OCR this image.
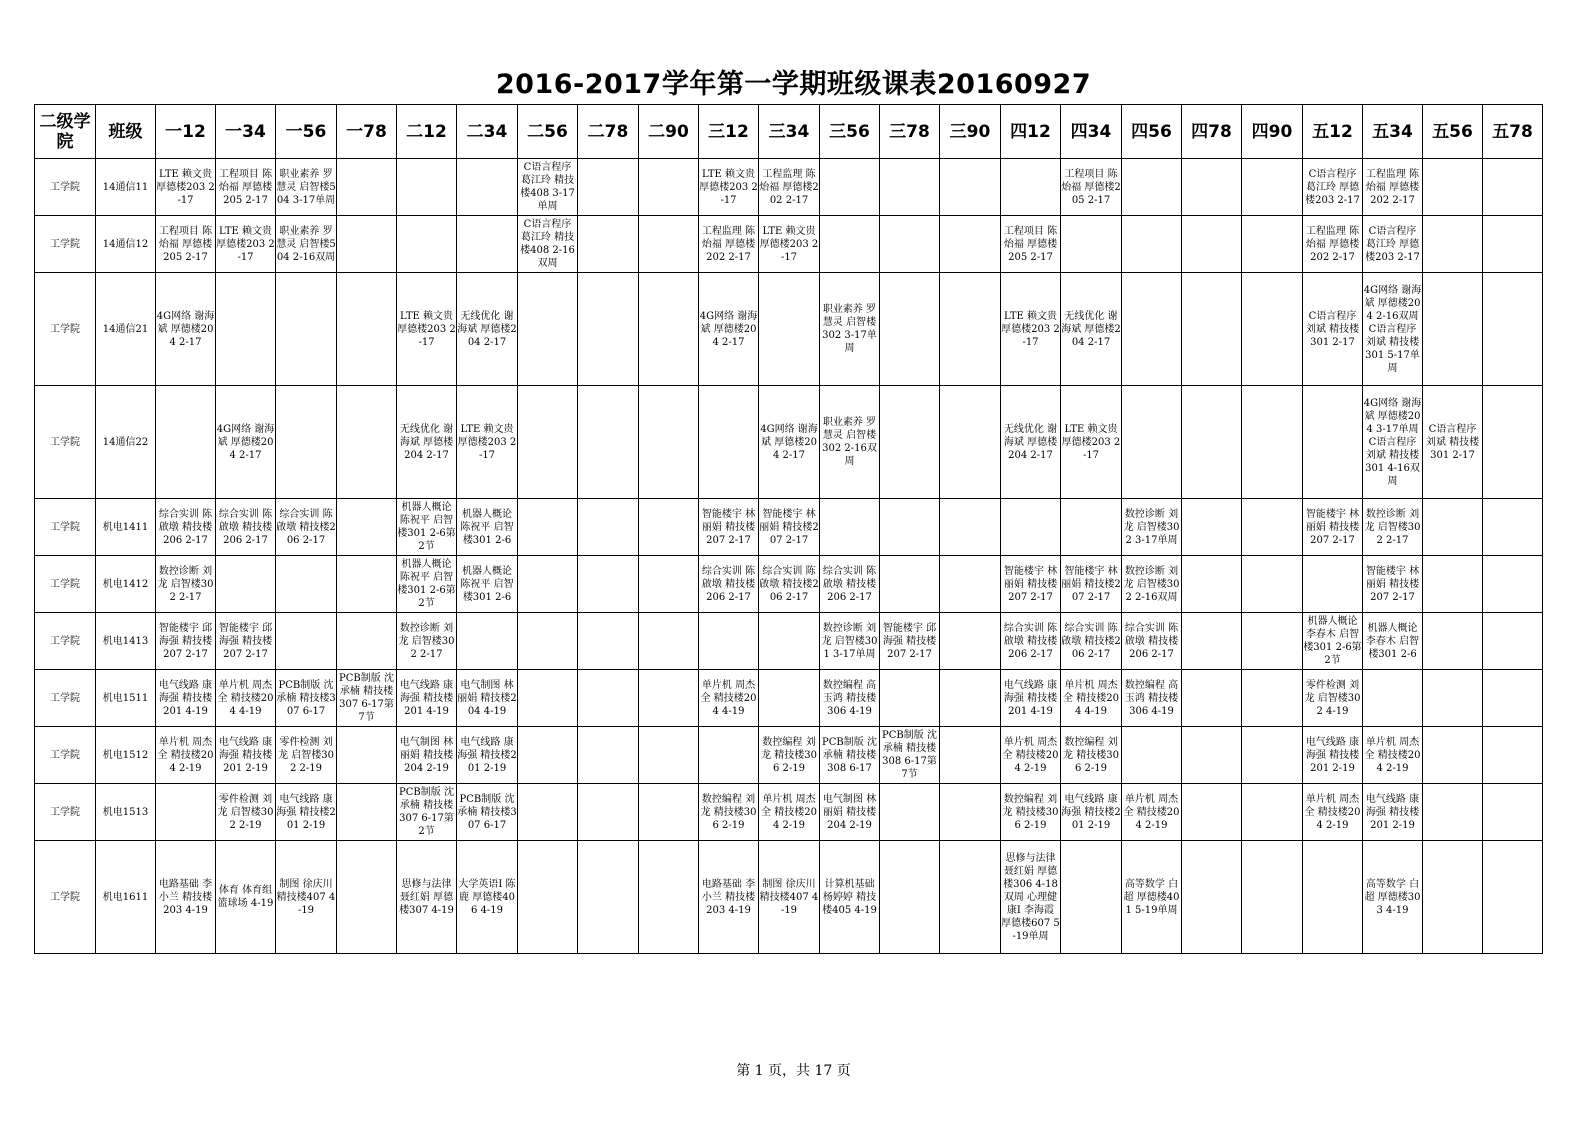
2016-2017学年第一学期班级课表20160927
二级学院	班级	一12	一34	一56	一78	二12	二34	二56	二78	二90	三12	三34	三56	三78	三90	四12	四34	四56	四78	四90	五12	五34	五56	五78
工学院	14通信11	LTE 赖文贵 厚德楼203 2-17	工程项目 陈炲福 厚德楼205 2-17	职业素养 罗慧灵 启智楼504 3-17单周				C语言程序 葛江玲 精技楼408 3-17单周			LTE 赖文贵 厚德楼203 2-17	工程监理 陈炲福 厚德楼202 2-17					工程项目 陈炲福 厚德楼205 2-17				C语言程序 葛江玲 厚德楼203 2-17	工程监理 陈炲福 厚德楼202 2-17		
工学院	14通信12	工程项目 陈炲福 厚德楼205 2-17	LTE 赖文贵 厚德楼203 2-17	职业素养 罗慧灵 启智楼504 2-16双周				C语言程序 葛江玲 精技楼408 2-16双周			工程监理 陈炲福 厚德楼202 2-17	LTE 赖文贵 厚德楼203 2-17				工程项目 陈炲福 厚德楼205 2-17					工程监理 陈炲福 厚德楼202 2-17	C语言程序 葛江玲 厚德楼203 2-17		
工学院	14通信21	4G网络 谢海斌 厚德楼204 2-17				LTE 赖文贵 厚德楼203 2-17	无线优化 谢海斌 厚德楼204 2-17				4G网络 谢海斌 厚德楼204 2-17		职业素养 罗慧灵 启智楼302 3-17单周			LTE 赖文贵 厚德楼203 2-17	无线优化 谢海斌 厚德楼204 2-17				C语言程序 刘斌 精技楼301 2-17	4G网络 谢海斌 厚德楼204 2-16双周 C语言程序 刘斌 精技楼301 5-17单周		
工学院	14通信22		4G网络 谢海斌 厚德楼204 2-17			无线优化 谢海斌 厚德楼204 2-17	LTE 赖文贵 厚德楼203 2-17					4G网络 谢海斌 厚德楼204 2-17	职业素养 罗慧灵 启智楼302 2-16双周			无线优化 谢海斌 厚德楼204 2-17	LTE 赖文贵 厚德楼203 2-17					4G网络 谢海斌 厚德楼204 3-17单周 C语言程序 刘斌 精技楼301 4-16双周	C语言程序 刘斌 精技楼301 2-17	
工学院	机电1411	综合实训 陈啟墩 精技楼206 2-17	综合实训 陈啟墩 精技楼206 2-17	综合实训 陈啟墩 精技楼206 2-17		机器人概论 陈祝平 启智楼301 2-6第2节	机器人概论 陈祝平 启智楼301 2-6				智能楼宇 林丽娟 精技楼207 2-17	智能楼宇 林丽娟 精技楼207 2-17						数控诊断 刘龙 启智楼302 3-17单周			智能楼宇 林丽娟 精技楼207 2-17	数控诊断 刘龙 启智楼302 2-17		
工学院	机电1412	数控诊断 刘龙 启智楼302 2-17				机器人概论 陈祝平 启智楼301 2-6第2节	机器人概论 陈祝平 启智楼301 2-6				综合实训 陈啟墩 精技楼206 2-17	综合实训 陈啟墩 精技楼206 2-17	综合实训 陈啟墩 精技楼206 2-17			智能楼宇 林丽娟 精技楼207 2-17	智能楼宇 林丽娟 精技楼207 2-17	数控诊断 刘龙 启智楼302 2-16双周				智能楼宇 林丽娟 精技楼207 2-17		
工学院	机电1413	智能楼宇 邱海强 精技楼207 2-17	智能楼宇 邱海强 精技楼207 2-17			数控诊断 刘龙 启智楼302 2-17							数控诊断 刘龙 启智楼301 3-17单周	智能楼宇 邱海强 精技楼207 2-17		综合实训 陈啟墩 精技楼206 2-17	综合实训 陈啟墩 精技楼206 2-17	综合实训 陈啟墩 精技楼206 2-17			机器人概论 李春木 启智楼301 2-6第2节	机器人概论 李春木 启智楼301 2-6		
工学院	机电1511	电气线路 康海强 精技楼201 4-19	单片机 周杰全 精技楼204 4-19	PCB制版 沈承楠 精技楼307 6-17	PCB制版 沈承楠 精技楼307 6-17第7节	电气线路 康海强 精技楼201 4-19	电气制图 林丽娟 精技楼204 4-19				单片机 周杰全 精技楼204 4-19		数控编程 高玉鸿 精技楼306 4-19			电气线路 康海强 精技楼201 4-19	单片机 周杰全 精技楼204 4-19	数控编程 高玉鸿 精技楼306 4-19			零件检测 刘龙 启智楼302 4-19			
工学院	机电1512	单片机 周杰全 精技楼204 2-19	电气线路 康海强 精技楼201 2-19	零件检测 刘龙 启智楼302 2-19		电气制图 林丽娟 精技楼204 2-19	电气线路 康海强 精技楼201 2-19					数控编程 刘龙 精技楼306 2-19	PCB制版 沈承楠 精技楼308 6-17	PCB制版 沈承楠 精技楼308 6-17第7节		单片机 周杰全 精技楼204 2-19	数控编程 刘龙 精技楼306 2-19				电气线路 康海强 精技楼201 2-19	单片机 周杰全 精技楼204 2-19		
工学院	机电1513		零件检测 刘龙 启智楼302 2-19	电气线路 康海强 精技楼201 2-19		PCB制版 沈承楠 精技楼307 6-17第2节	PCB制版 沈承楠 精技楼307 6-17				数控编程 刘龙 精技楼306 2-19	单片机 周杰全 精技楼204 2-19	电气制图 林丽娟 精技楼204 2-19			数控编程 刘龙 精技楼306 2-19	电气线路 康海强 精技楼201 2-19	单片机 周杰全 精技楼204 2-19			单片机 周杰全 精技楼204 2-19	电气线路 康海强 精技楼201 2-19		
工学院	机电1611	电路基础 李小兰 精技楼203 4-19	体育 体育组 篮球场 4-19	制图 徐庆川 精技楼407 4-19		思修与法律 聂红娟 厚德楼307 4-19	大学英语Ⅰ 陈鹿 厚德楼406 4-19				电路基础 李小兰 精技楼203 4-19	制图 徐庆川 精技楼407 4-19	计算机基础 杨婷婷 精技楼405 4-19			思修与法律 聂红娟 厚德楼306 4-18双周 心理健康Ⅰ 李海霞 厚德楼607 5-19单周		高等数学 白超 厚德楼401 5-19单周				高等数学 白超 厚德楼303 4-19		
第 1 页，共 17 页
